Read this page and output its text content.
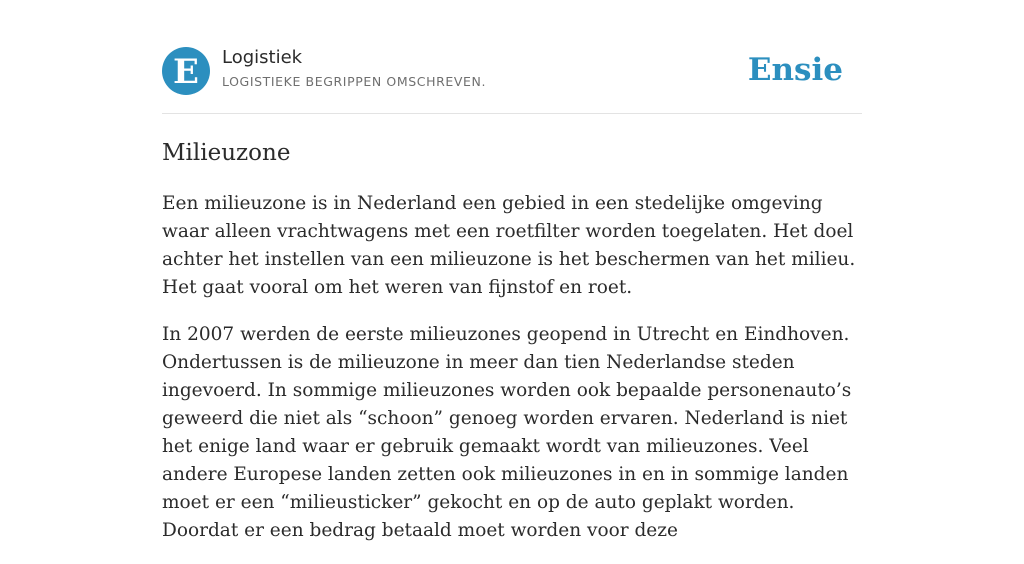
E Logistiek
LOGISTIEKE BEGRIPPEN OMSCHREVEN.	Ensie
Milieuzone

Een milieuzone is in Nederland een gebied in een stedelijke omgeving waar alleen vrachtwagens met een roetfilter worden toegelaten. Het doel achter het instellen van een milieuzone is het beschermen van het milieu. Het gaat vooral om het weren van fijnstof en roet.

In 2007 werden de eerste milieuzones geopend in Utrecht en Eindhoven. Ondertussen is de milieuzone in meer dan tien Nederlandse steden ingevoerd. In sommige milieuzones worden ook bepaalde personenauto’s geweerd die niet als “schoon” genoeg worden ervaren. Nederland is niet het enige land waar er gebruik gemaakt wordt van milieuzones. Veel andere Europese landen zetten ook milieuzones in en in sommige landen moet er een “milieusticker” gekocht en op de auto geplakt worden. Doordat er een bedrag betaald moet worden voor deze
